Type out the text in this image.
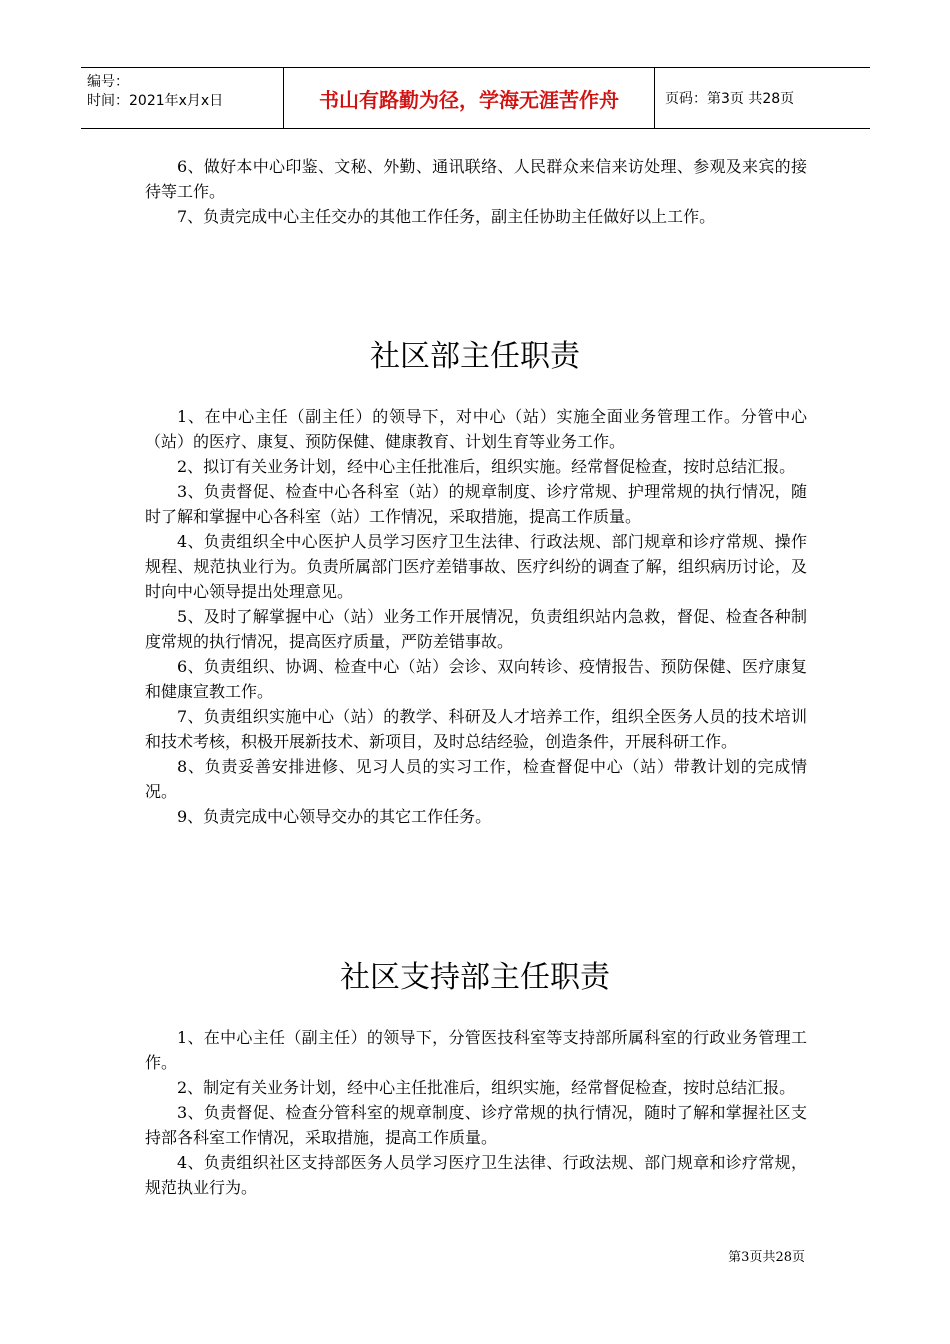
编号：
时间：2021年x月x日	书山有路勤为径，学海无涯苦作舟	页码：第3页 共28页

6、做好本中心印鉴、文秘、外勤、通讯联络、人民群众来信来访处理、参观及来宾的接待等工作。

7、负责完成中心主任交办的其他工作任务，副主任协助主任做好以上工作。

社区部主任职责

1、在中心主任（副主任）的领导下，对中心（站）实施全面业务管理工作。分管中心（站）的医疗、康复、预防保健、健康教育、计划生育等业务工作。

2、拟订有关业务计划，经中心主任批准后，组织实施。经常督促检查，按时总结汇报。

3、负责督促、检查中心各科室（站）的规章制度、诊疗常规、护理常规的执行情况，随时了解和掌握中心各科室（站）工作情况，采取措施，提高工作质量。

4、负责组织全中心医护人员学习医疗卫生法律、行政法规、部门规章和诊疗常规、操作规程、规范执业行为。负责所属部门医疗差错事故、医疗纠纷的调查了解，组织病历讨论，及时向中心领导提出处理意见。

5、及时了解掌握中心（站）业务工作开展情况，负责组织站内急救，督促、检查各种制度常规的执行情况，提高医疗质量，严防差错事故。

6、负责组织、协调、检查中心（站）会诊、双向转诊、疫情报告、预防保健、医疗康复和健康宣教工作。

7、负责组织实施中心（站）的教学、科研及人才培养工作，组织全医务人员的技术培训和技术考核，积极开展新技术、新项目，及时总结经验，创造条件，开展科研工作。

8、负责妥善安排进修、见习人员的实习工作，检查督促中心（站）带教计划的完成情况。

9、负责完成中心领导交办的其它工作任务。

社区支持部主任职责

1、在中心主任（副主任）的领导下，分管医技科室等支持部所属科室的行政业务管理工作。

2、制定有关业务计划，经中心主任批准后，组织实施，经常督促检查，按时总结汇报。

3、负责督促、检查分管科室的规章制度、诊疗常规的执行情况，随时了解和掌握社区支持部各科室工作情况，采取措施，提高工作质量。

4、负责组织社区支持部医务人员学习医疗卫生法律、行政法规、部门规章和诊疗常规，规范执业行为。

第3页共28页
